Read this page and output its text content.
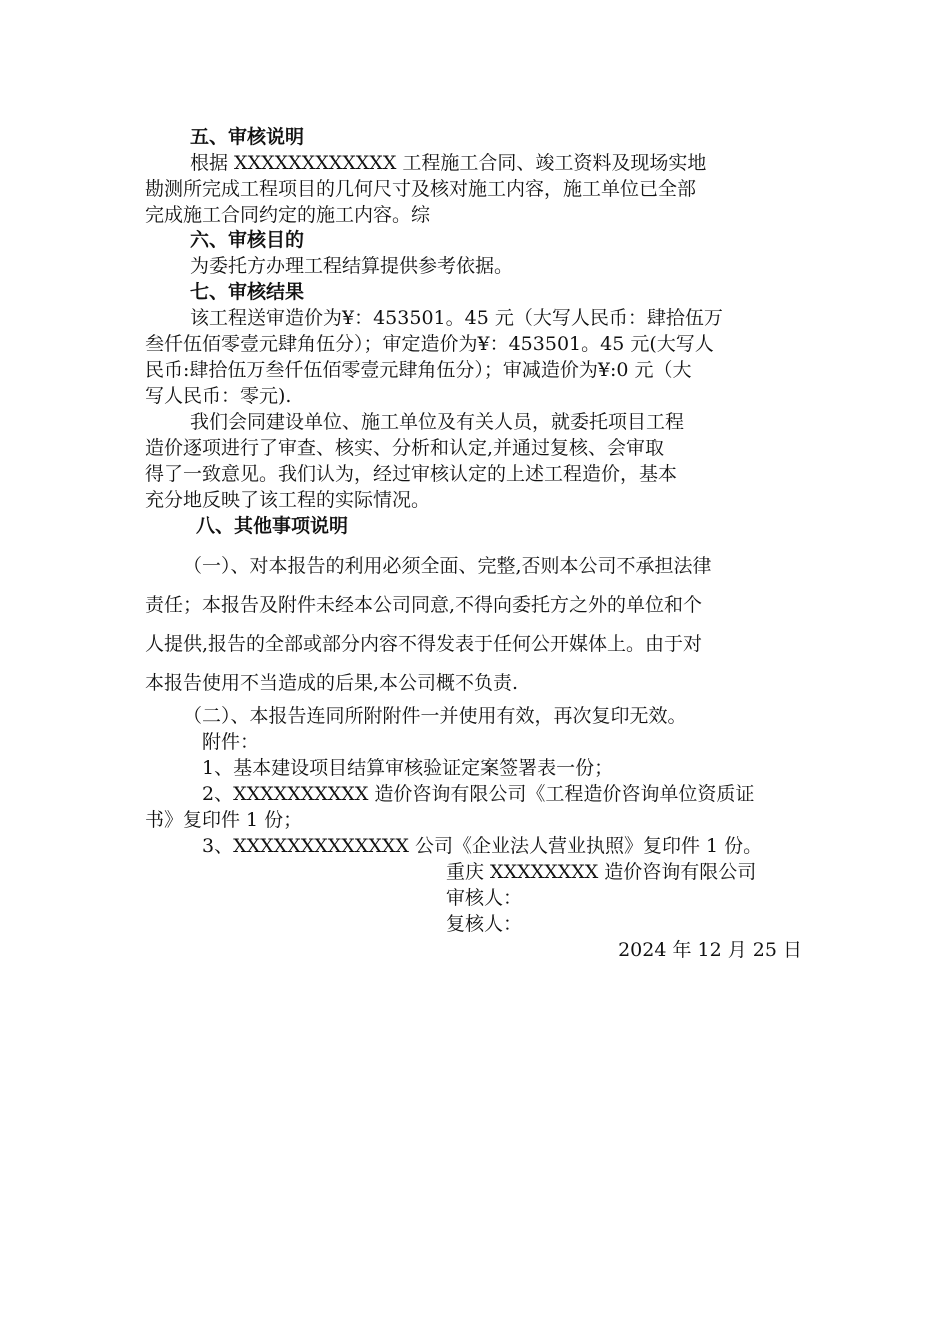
五、审核说明
根据 XXXXXXXXXXXX 工程施工合同、竣工资料及现场实地
勘测所完成工程项目的几何尺寸及核对施工内容，施工单位已全部
完成施工合同约定的施工内容。综
六、审核目的
为委托方办理工程结算提供参考依据。
七、审核结果
该工程送审造价为¥：453501。45 元（大写人民币：肆拾伍万
叁仟伍佰零壹元肆角伍分）；审定造价为¥：453501。45 元(大写人
民币:肆拾伍万叁仟伍佰零壹元肆角伍分）；审减造价为¥:0 元（大
写人民币：零元).
我们会同建设单位、施工单位及有关人员，就委托项目工程
造价逐项进行了审查、核实、分析和认定,并通过复核、会审取
得了一致意见。我们认为，经过审核认定的上述工程造价，基本
充分地反映了该工程的实际情况。
八、其他事项说明
（一）、对本报告的利用必须全面、完整,否则本公司不承担法律
责任；本报告及附件未经本公司同意,不得向委托方之外的单位和个
人提供,报告的全部或部分内容不得发表于任何公开媒体上。由于对
本报告使用不当造成的后果,本公司概不负责.
（二）、本报告连同所附附件一并使用有效，再次复印无效。
附件：
1、基本建设项目结算审核验证定案签署表一份；
2、XXXXXXXXXX 造价咨询有限公司《工程造价咨询单位资质证
书》复印件 1 份；
3、XXXXXXXXXXXXX 公司《企业法人营业执照》复印件 1 份。
重庆 XXXXXXXX 造价咨询有限公司
审核人：
复核人：
2024 年 12 月 25 日
